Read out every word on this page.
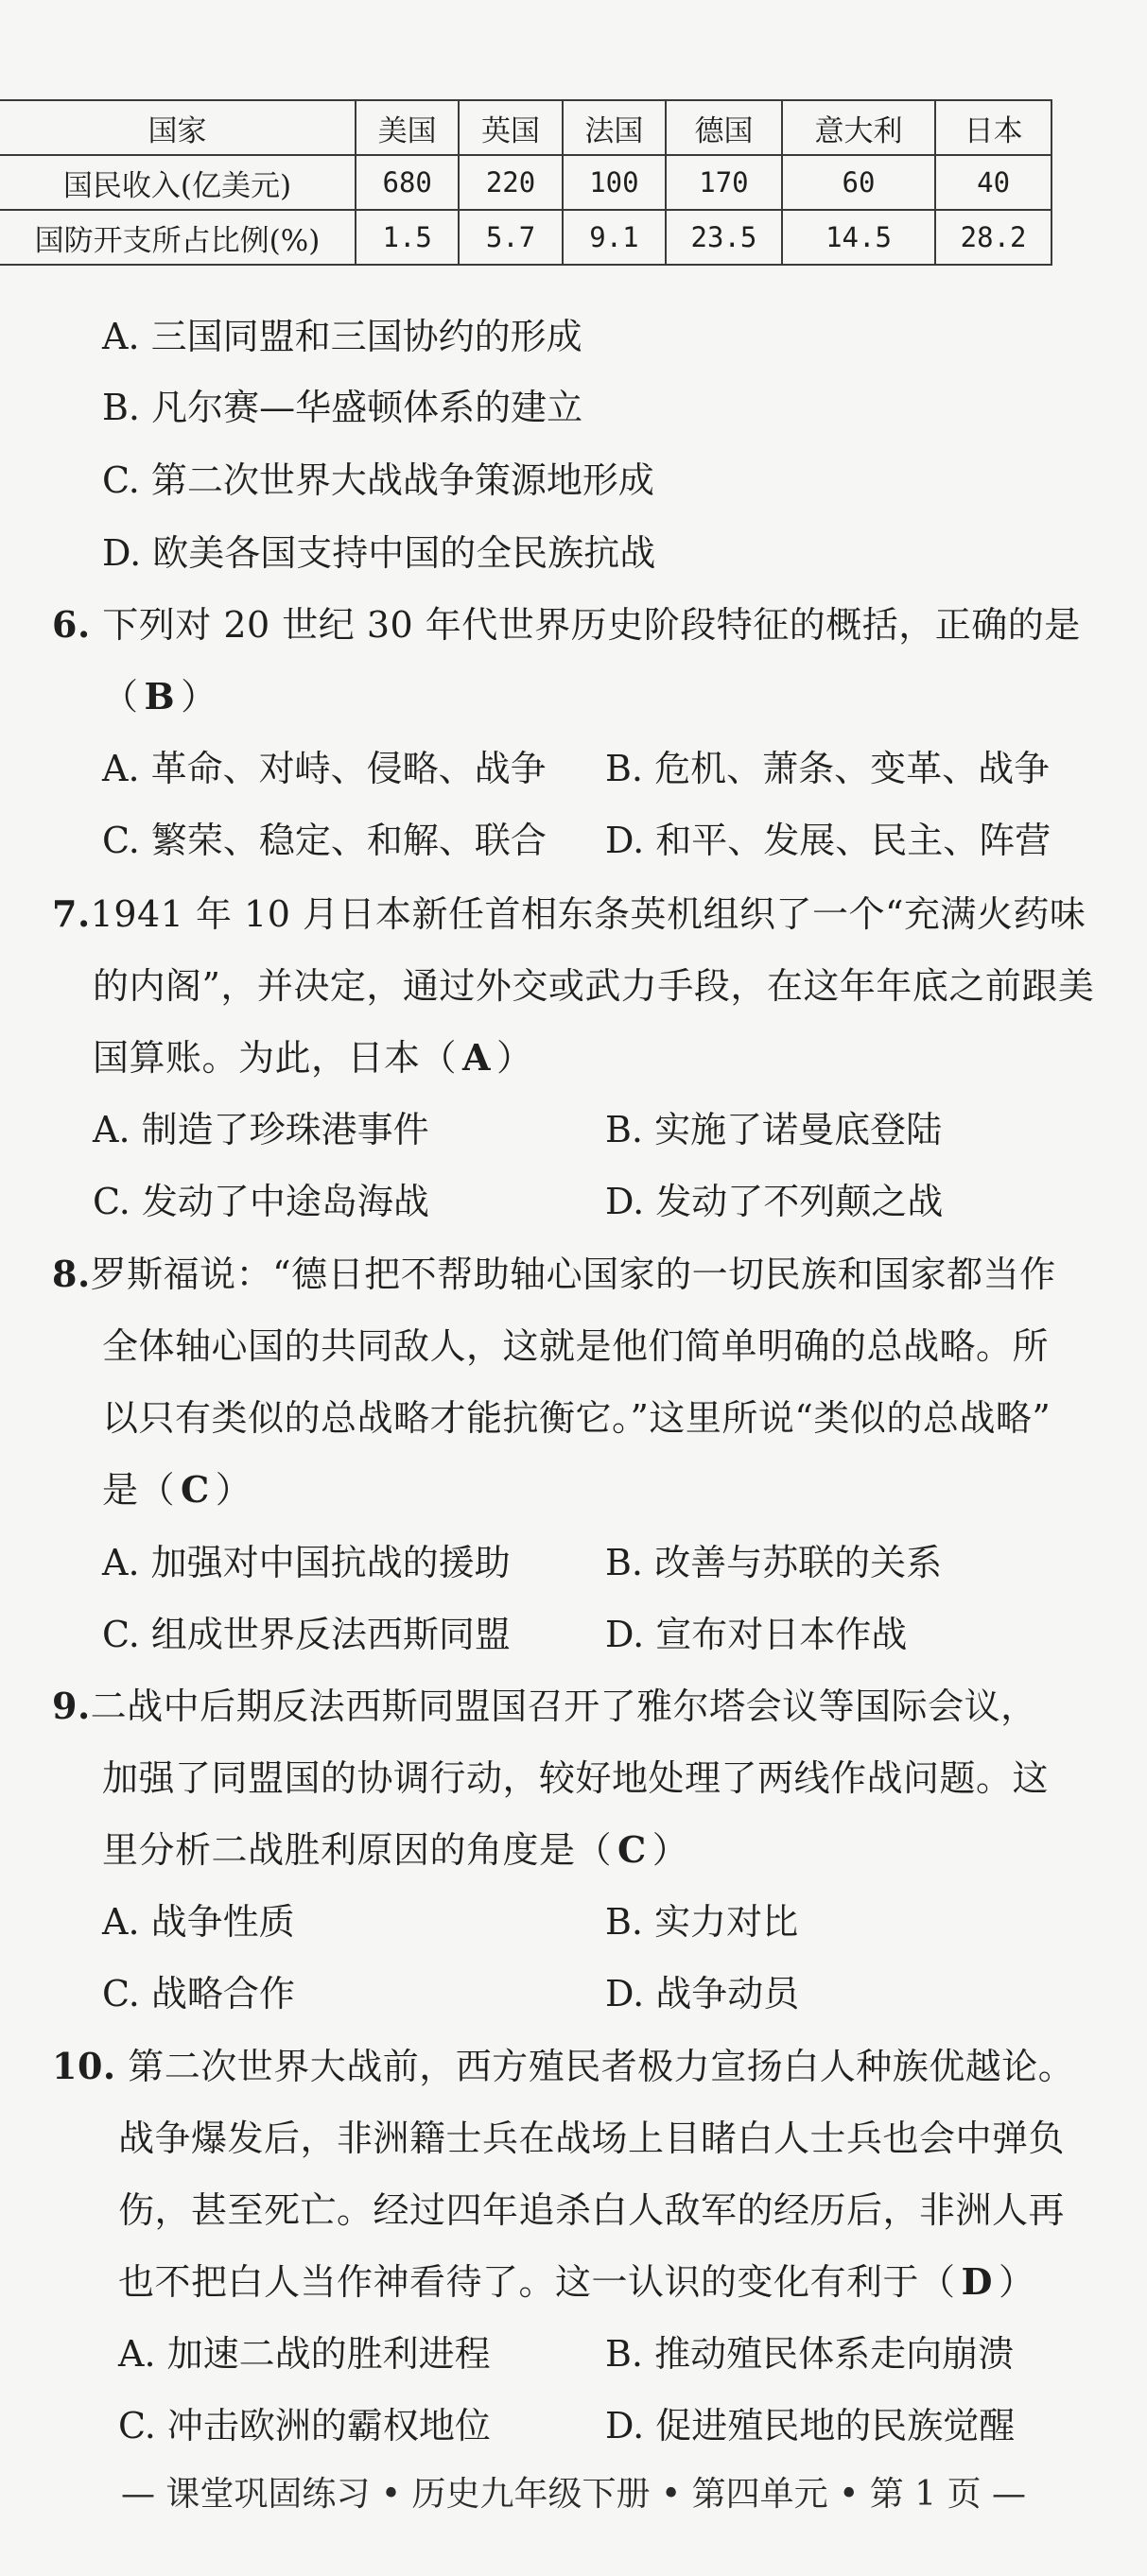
国家	美国	英国	法国	德国	意大利	日本
国民收入(亿美元)	680	220	100	170	60	40
国防开支所占比例(%)	1.5	5.7	9.1	23.5	14.5	28.2
A. 三国同盟和三国协约的形成
B. 凡尔赛—华盛顿体系的建立
C. 第二次世界大战战争策源地形成
D. 欧美各国支持中国的全民族抗战
6. 下列对 20 世纪 30 年代世界历史阶段特征的概括，正确的是
（ B ）
A. 革命、对峙、侵略、战争 B. 危机、萧条、变革、战争
C. 繁荣、稳定、和解、联合 D. 和平、发展、民主、阵营
7.1941 年 10 月日本新任首相东条英机组织了一个“充满火药味
的内阁”，并决定，通过外交或武力手段，在这年年底之前跟美
国算账。为此，日本（ A ）
A. 制造了珍珠港事件	B. 实施了诺曼底登陆
C. 发动了中途岛海战	D. 发动了不列颠之战
8.罗斯福说：“德日把不帮助轴心国家的一切民族和国家都当作
全体轴心国的共同敌人，这就是他们简单明确的总战略。所
以只有类似的总战略才能抗衡它。”这里所说“类似的总战略”
是（ C ）
A. 加强对中国抗战的援助	B. 改善与苏联的关系
C. 组成世界反法西斯同盟	D. 宣布对日本作战
9.二战中后期反法西斯同盟国召开了雅尔塔会议等国际会议，
加强了同盟国的协调行动，较好地处理了两线作战问题。这
里分析二战胜利原因的角度是（ C ）
A. 战争性质	B. 实力对比
C. 战略合作	D. 战争动员
10. 第二次世界大战前，西方殖民者极力宣扬白人种族优越论。
战争爆发后，非洲籍士兵在战场上目睹白人士兵也会中弹负
伤，甚至死亡。经过四年追杀白人敌军的经历后，非洲人再
也不把白人当作神看待了。这一认识的变化有利于（ D ）
A. 加速二战的胜利进程	B. 推动殖民体系走向崩溃
C. 冲击欧洲的霸权地位	D. 促进殖民地的民族觉醒
— 课堂巩固练习 • 历史九年级下册 • 第四单元 • 第 1 页 —
